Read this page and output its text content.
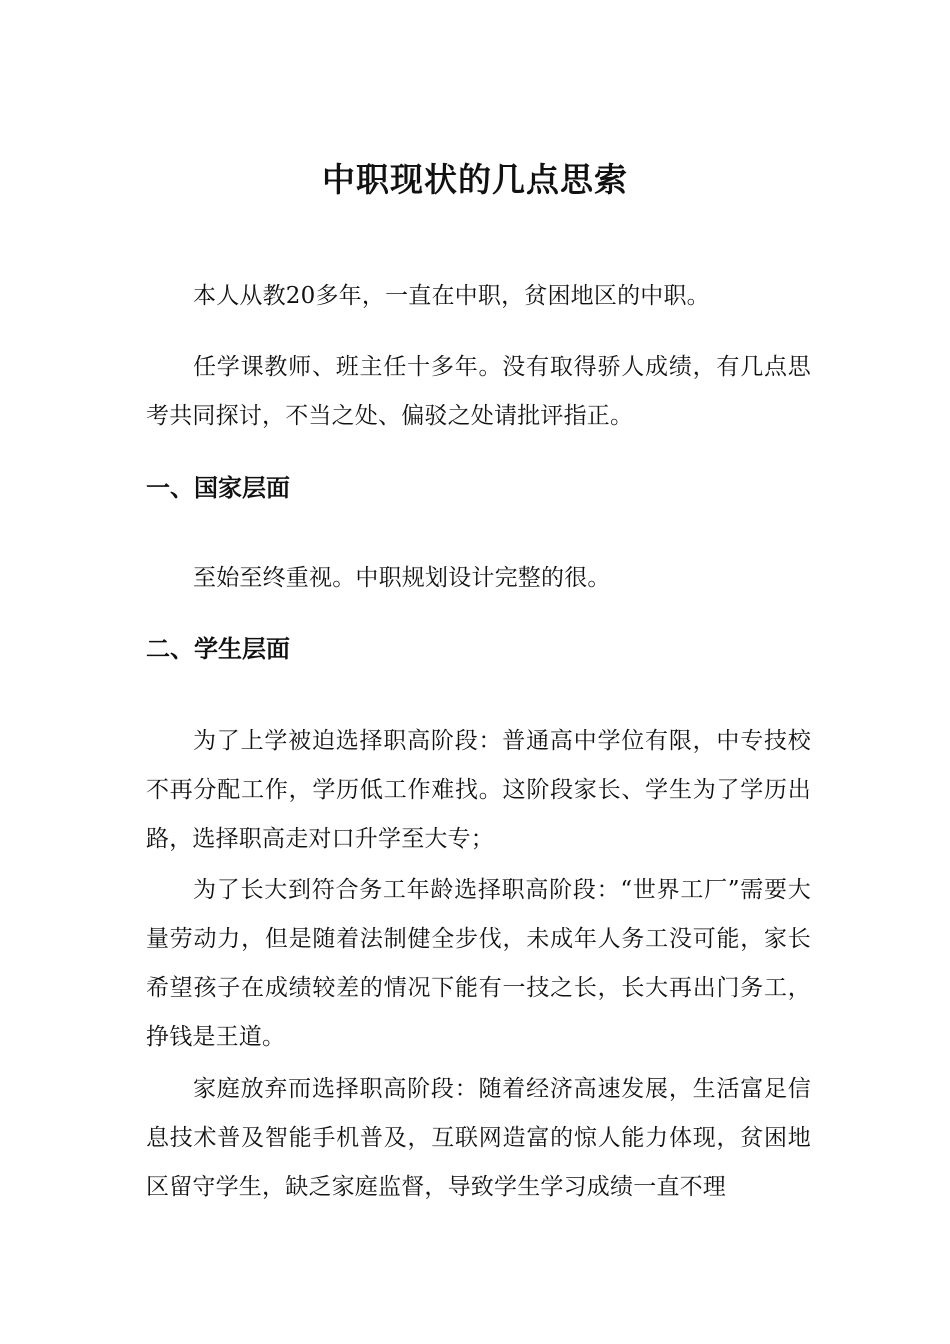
中职现状的几点思索

本人从教20多年，一直在中职，贫困地区的中职。

任学课教师、班主任十多年。没有取得骄人成绩，有几点思考共同探讨，不当之处、偏驳之处请批评指正。

一、国家层面

至始至终重视。中职规划设计完整的很。

二、学生层面

为了上学被迫选择职高阶段：普通高中学位有限，中专技校不再分配工作，学历低工作难找。这阶段家长、学生为了学历出路，选择职高走对口升学至大专；

为了长大到符合务工年龄选择职高阶段：“世界工厂”需要大量劳动力，但是随着法制健全步伐，未成年人务工没可能，家长希望孩子在成绩较差的情况下能有一技之长，长大再出门务工，挣钱是王道。

家庭放弃而选择职高阶段：随着经济高速发展，生活富足信息技术普及智能手机普及，互联网造富的惊人能力体现，贫困地区留守学生，缺乏家庭监督，导致学生学习成绩一直不理
